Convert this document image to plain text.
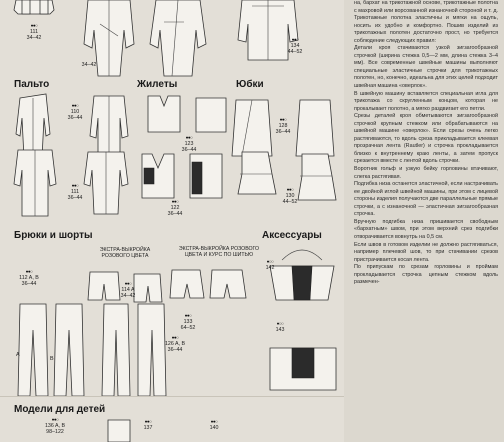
●●○
111
34–42
34–42
●●○
134
44–52
Пальто	Жилеты	Юбки
●●○
110
36–44
●●○
111
36–44
●●○
123
36–44
●●○
122
36–44
●●○
128
36–44
●●○
130
44–52
Брюки и шорты	Аксессуары
ЭКСТРА-ВЫКРОЙКА
РОЗОВОГО ЦВЕТА
ЭКСТРА-ВЫКРОЙКА РОЗОВОГО
ЦВЕТА И КУРС ПО ШИТЬЮ
●●○
112 A, B
36–44	●●○
114 A
34–42
●●○
133
64–52
A
B
●●○
126 A, B
36–44
●○○
142
●○○
143
Модели для детей
●●○
136 A, B
98–122
●●○
137
●●○
140

на, бархат на трикотажной основе, трикотажные полотна с махровой или ворсованной изнаночной стороной и т. д. Трикотажные полотна эластичны и мягки на ощупь, носить их удобно и комфортно. Пошив изделий из трикотажных полотен достаточно прост, но требуется соблюдение следующих правил:

Детали кроя стачиваются узкой зигзагообразной строчкой (ширина стежка 0,5—2 мм, длина стежка 3–4 мм). Все современные швейные машины выполняют специальные эластичные строчки для трикотажных полотен, но, конечно, идеальна для этих целей подходит швейная машина «оверлок».

В швейную машину вставляется специальная игла для трикотажа со скругленным концом, которая не прокалывает полотно, а мягко раздвигает его петли.

Срезы деталей кроя обметываются зигзагообразной строчкой крупным стежком или обрабатываются на швейной машине «оверлок». Если срезы очень легко растягиваются, то вдоль среза прикладывается клеевая прозрачная лента (Rautler) и строчка прокладывается близко к внутреннему краю ленты, а затем пропуск срезается вместе с лентой вдоль строчки.

Воротник гольф и узкую бейку горловины втачивают, слегка растягивая.

Подгибка низа останется эластичной, если настрачивать ее двойной иглой швейной машины, при этом с лицевой стороны изделия получаются две параллельные прямые строчки, а с изнаночной — эластичная зигзагообразная строчка.

Вручную подгибка низа пришивается свободным «бархатным» швом, при этом верхний срез подгибки отворачивается вовнутрь на 0,5 см.

Если швов в готовом изделии не должно растягиваться, например плечевой шов, то при стачивании срезов пристрачивается косая лента.

По припускам по срезам горловины и проймам прокладывается строчка цепным стежком вдоль размечен-
